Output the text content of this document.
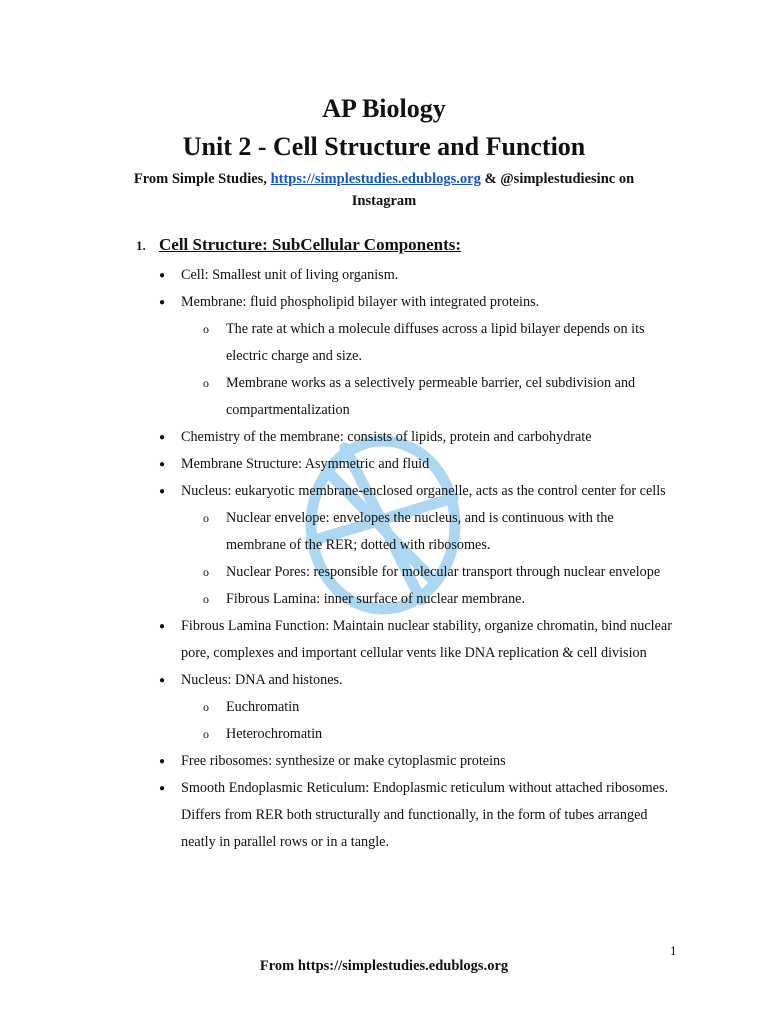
AP Biology
Unit 2 - Cell Structure and Function
From Simple Studies, https://simplestudies.edublogs.org & @simplestudiesinc on Instagram
1. Cell Structure: SubCellular Components:
● Cell: Smallest unit of living organism.
● Membrane: fluid phospholipid bilayer with integrated proteins.
o The rate at which a molecule diffuses across a lipid bilayer depends on its electric charge and size.
o Membrane works as a selectively permeable barrier, cel subdivision and compartmentalization
● Chemistry of the membrane: consists of lipids, protein and carbohydrate
● Membrane Structure: Asymmetric and fluid
● Nucleus: eukaryotic membrane-enclosed organelle, acts as the control center for cells
o Nuclear envelope: envelopes the nucleus, and is continuous with the membrane of the RER; dotted with ribosomes.
o Nuclear Pores: responsible for molecular transport through nuclear envelope
o Fibrous Lamina: inner surface of nuclear membrane.
● Fibrous Lamina Function: Maintain nuclear stability, organize chromatin, bind nuclear pore, complexes and important cellular vents like DNA replication & cell division
● Nucleus: DNA and histones.
o Euchromatin
o Heterochromatin
● Free ribosomes: synthesize or make cytoplasmic proteins
● Smooth Endoplasmic Reticulum: Endoplasmic reticulum without attached ribosomes. Differs from RER both structurally and functionally, in the form of tubes arranged neatly in parallel rows or in a tangle.
1
From https://simplestudies.edublogs.org
